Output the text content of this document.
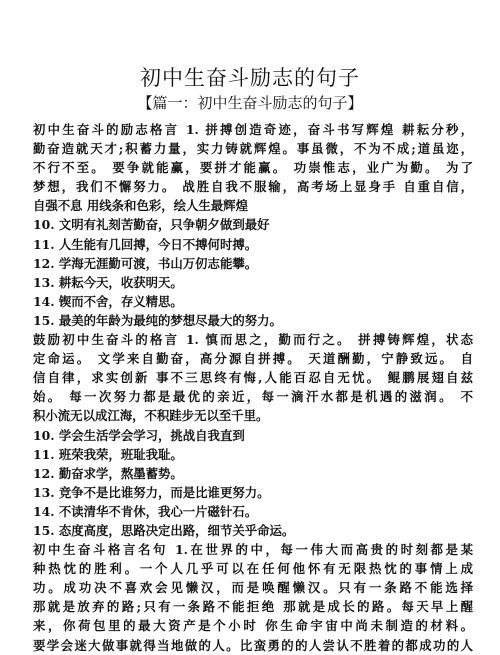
初中生奋斗励志的句子
【篇一：初中生奋斗励志的句子】
初中生奋斗的励志格言 1. 拼搏创造奇迹，奋斗书写辉煌 耕耘分秒，
勤奋造就天才;积蓄力量，实力铸就辉煌。事虽微，不为不成;道虽迩，
不行不至。 要争就能赢，要拼才能赢。 功崇惟志，业广为勤。 为了
梦想，我们不懈努力。 战胜自我不服输，高考场上显身手 自重自信，
自强不息 用线条和色彩，绘人生最辉煌
10. 文明有礼刻苦勤奋，只争朝夕做到最好
11. 人生能有几回搏，今日不搏何时搏。
12. 学海无涯勤可渡，书山万仞志能攀。
13. 耕耘今天，收获明天。
14. 锲而不舍，存义精思。
15. 最美的年龄为最纯的梦想尽最大的努力。
鼓励初中生奋斗的格言 1. 慎而思之，勤而行之。 拼搏铸辉煌，状态
定命运。 文学来自勤奋，高分源自拼搏。 天道酬勤，宁静致远。 自
信自律，求实创新 事不三思终有悔,人能百忍自无忧。 鲲鹏展翅自兹
始。 每一次努力都是最优的亲近，每一滴汗水都是机遇的滋润。 不
积小流无以成江海，不积跬步无以至千里。
10. 学会生活学会学习，挑战自我直到
11. 班荣我荣，班耻我耻。
12. 勤奋求学，熬墨蓄势。
13. 竞争不是比谁努力，而是比谁更努力。
14. 不读清华不肯休，我心一片磁针石。
15. 态度高度，思路决定出路，细节关乎命运。
初中生奋斗格言名句 1.在世界的中，每一伟大而高贵的时刻都是某
种热忱的胜利。一个人几乎可以在任何他怀有无限热忱的事情上成
功。成功决不喜欢会见懒汉，而是唤醒懒汉。只有一条路不能选择
那就是放弃的路;只有一条路不能拒绝 那就是成长的路。每天早上醒
来，你荷包里的最大资产是个小时 你生命宇宙中尚未制造的材料。
要学会迷大做事就得当地做的人。比蛮勇的的人尝认不胜着的都成功的人
